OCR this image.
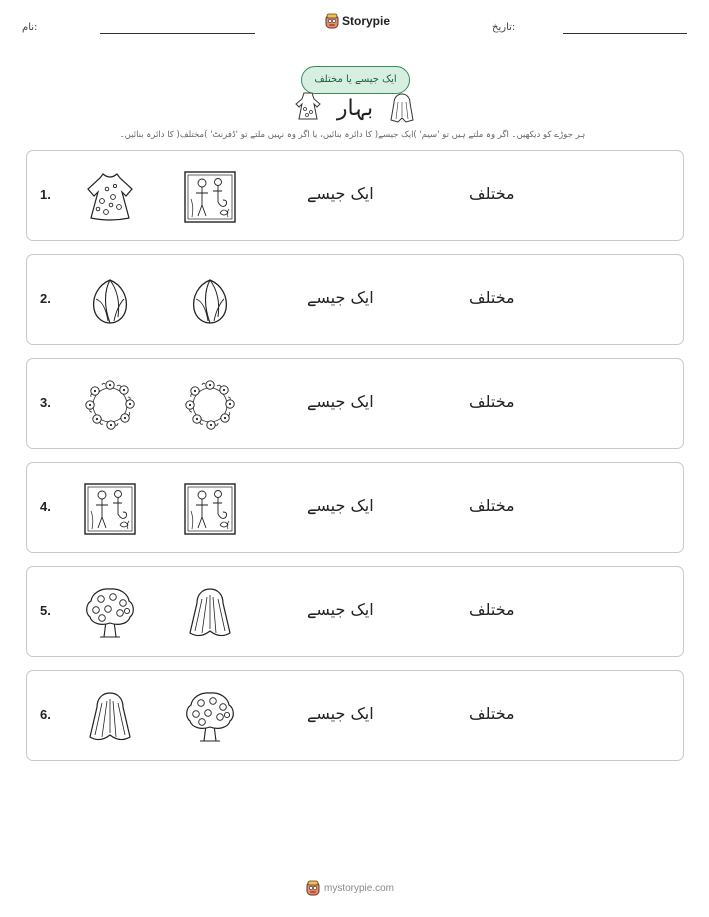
نام:	Storypie	تاریخ:
ایک جیسے یا مختلف
بہار
ہر جوڑے کو دیکھیں۔ اگر وہ ملتے ہیں تو 'سیم' )ایک جیسے( کا دائرہ بنائیں، یا اگر وہ نہیں ملتے تو 'ڈفرنٹ' )مختلف( کا دائرہ بنائیں۔
1.	ایک جیسے	مختلف
2.	ایک جیسے	مختلف
3.	ایک جیسے	مختلف
4.	ایک جیسے	مختلف
5.	ایک جیسے	مختلف
6.	ایک جیسے	مختلف
mystorypie.com
